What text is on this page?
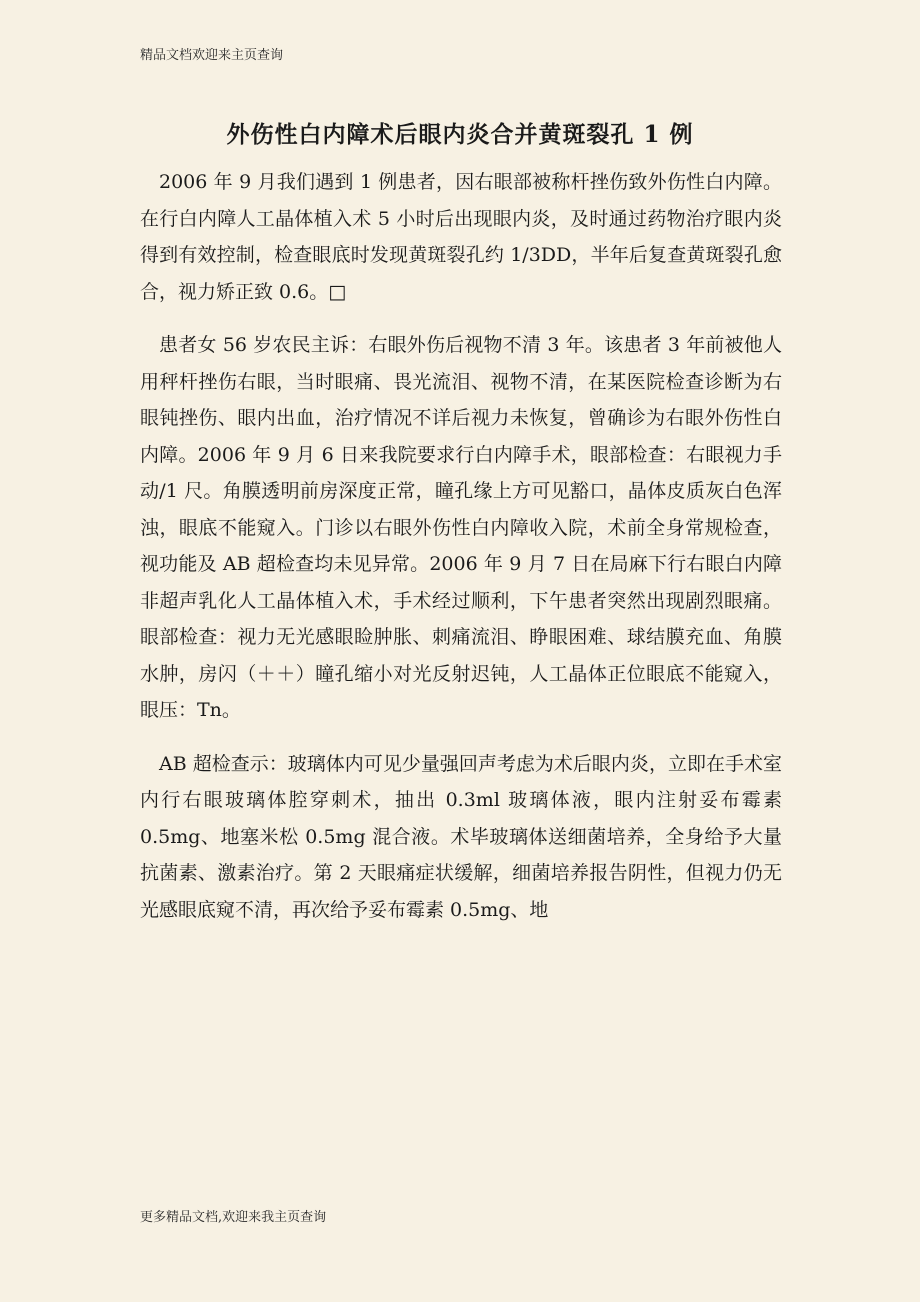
精品文档欢迎来主页查询
外伤性白内障术后眼内炎合并黄斑裂孔 1 例

2006 年 9 月我们遇到 1 例患者，因右眼部被称杆挫伤致外伤性白内障。在行白内障人工晶体植入术 5 小时后出现眼内炎，及时通过药物治疗眼内炎得到有效控制，检查眼底时发现黄斑裂孔约 1/3DD，半年后复查黄斑裂孔愈合，视力矫正致 0.6。□

患者女 56 岁农民主诉：右眼外伤后视物不清 3 年。该患者 3 年前被他人用秤杆挫伤右眼，当时眼痛、畏光流泪、视物不清，在某医院检查诊断为右眼钝挫伤、眼内出血，治疗情况不详后视力未恢复，曾确诊为右眼外伤性白内障。2006 年 9 月 6 日来我院要求行白内障手术，眼部检查：右眼视力手动/1 尺。角膜透明前房深度正常，瞳孔缘上方可见豁口，晶体皮质灰白色浑浊，眼底不能窥入。门诊以右眼外伤性白内障收入院，术前全身常规检查，视功能及 AB 超检查均未见异常。2006 年 9 月 7 日在局麻下行右眼白内障非超声乳化人工晶体植入术，手术经过顺利，下午患者突然出现剧烈眼痛。眼部检查：视力无光感眼睑肿胀、刺痛流泪、睁眼困难、球结膜充血、角膜水肿，房闪（＋＋）瞳孔缩小对光反射迟钝，人工晶体正位眼底不能窥入，眼压：Tn。

AB 超检查示：玻璃体内可见少量强回声考虑为术后眼内炎，立即在手术室内行右眼玻璃体腔穿刺术，抽出 0.3ml 玻璃体液，眼内注射妥布霉素 0.5mg、地塞米松 0.5mg 混合液。术毕玻璃体送细菌培养，全身给予大量抗菌素、激素治疗。第 2 天眼痛症状缓解，细菌培养报告阴性，但视力仍无光感眼底窥不清，再次给予妥布霉素 0.5mg、地

更多精品文档,欢迎来我主页查询
